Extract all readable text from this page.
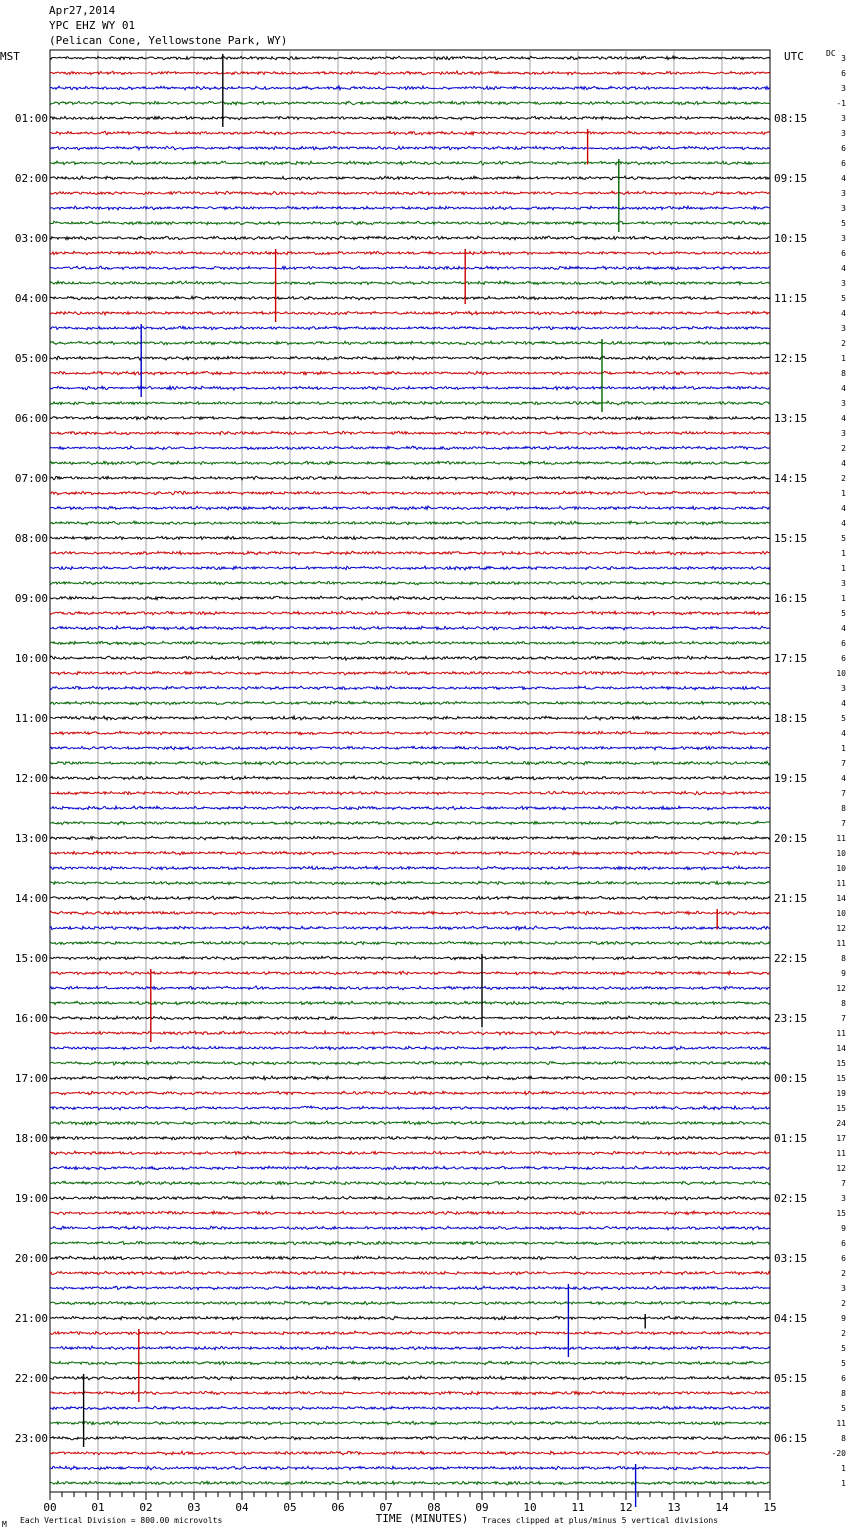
Apr27,2014
YPC EHZ WY 01
(Pelican Cone, Yellowstone Park, WY)
MST	UTC	DC
01:00
02:00
03:00
04:00
05:00
06:00
07:00
08:00
09:00
10:00
11:00
12:00
13:00
14:00
15:00
16:00
17:00
18:00
19:00
20:00
21:00
22:00
23:00
08:15
09:15
10:15
11:15
12:15
13:15
14:15
15:15
16:15
17:15
18:15
19:15
20:15
21:15
22:15
23:15
00:15
01:15
02:15
03:15
04:15
05:15
06:15
3
6
3
-1
3
3
6
6
4
3
3
5
3
6
4
3
5
4
3
2
1
8
4
3
4
3
2
4
2
1
4
4
5
1
1
3
1
5
4
6
6
10
3
4
5
4
1
7
4
7
8
7
11
10
10
11
14
10
12
11
8
9
12
8
7
11
14
15
15
19
15
24
17
11
12
7
3
15
9
6
6
2
3
2
9
2
5
5
6
8
5
11
8
-20
1
1
00	01	02	03	04	05	06	07	08	09	10	11	12	13	14	15
TIME (MINUTES)
Each Vertical Division = 800.00 microvolts	Traces clipped at plus/minus 5 vertical divisions
M
